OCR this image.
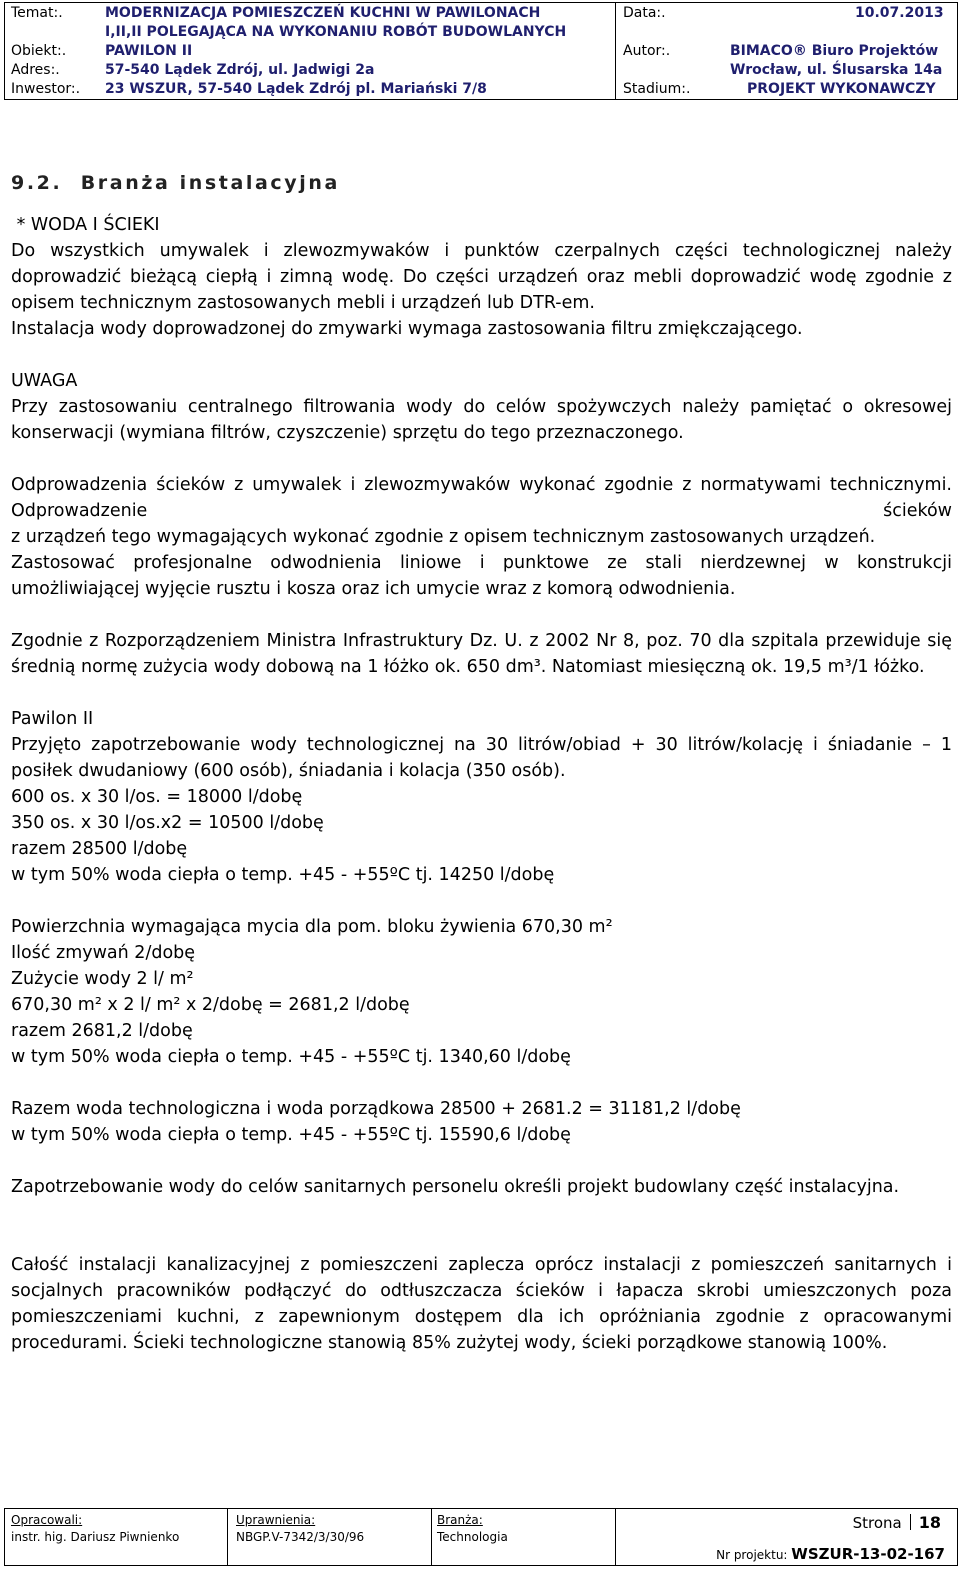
Temat:.	MODERNIZACJA POMIESZCZEŃ KUCHNI W PAWILONACH	Data:.	10.07.2013
I,II,II POLEGAJĄCA NA WYKONANIU ROBÓT BUDOWLANYCH
Obiekt:.	PAWILON II	Autor:.	BIMACO® Biuro Projektów
Adres:.	57-540 Lądek Zdrój, ul. Jadwigi 2a	Wrocław, ul. Ślusarska 14a
Inwestor:. 23 WSZUR, 57-540 Lądek Zdrój pl. Mariański 7/8	Stadium:.	PROJEKT WYKONAWCZY

9.2. Branża instalacyjna

* WODA I ŚCIEKI

Do wszystkich umywalek i zlewozmywaków i punktów czerpalnych części technologicznej należy doprowadzić bieżącą ciepłą i zimną wodę. Do części urządzeń oraz mebli doprowadzić wodę zgodnie z opisem technicznym zastosowanych mebli i urządzeń lub DTR-em.

Instalacja wody doprowadzonej do zmywarki wymaga zastosowania filtru zmiękczającego.

UWAGA

Przy zastosowaniu centralnego filtrowania wody do celów spożywczych należy pamiętać o okresowej konserwacji (wymiana filtrów, czyszczenie) sprzętu do tego przeznaczonego.

Odprowadzenia ścieków z umywalek i zlewozmywaków wykonać zgodnie z normatywami technicznymi. Odprowadzenie ścieków

z urządzeń tego wymagających wykonać zgodnie z opisem technicznym zastosowanych urządzeń.

Zastosować profesjonalne odwodnienia liniowe i punktowe ze stali nierdzewnej w konstrukcji umożliwiającej wyjęcie rusztu i kosza oraz ich umycie wraz z komorą odwodnienia.

Zgodnie z Rozporządzeniem Ministra Infrastruktury Dz. U. z 2002 Nr 8, poz. 70 dla szpitala przewiduje się średnią normę zużycia wody dobową na 1 łóżko ok. 650 dm³. Natomiast miesięczną ok. 19,5 m³/1 łóżko.

Pawilon II

Przyjęto zapotrzebowanie wody technologicznej na 30 litrów/obiad + 30 litrów/kolację i śniadanie – 1 posiłek dwudaniowy (600 osób), śniadania i kolacja (350 osób).

600 os. x 30 l/os. = 18000 l/dobę

350 os. x 30 l/os.x2 = 10500 l/dobę

razem 28500 l/dobę

w tym 50% woda ciepła o temp. +45 - +55ºC tj. 14250 l/dobę

Powierzchnia wymagająca mycia dla pom. bloku żywienia 670,30 m²

Ilość zmywań 2/dobę

Zużycie wody 2 l/ m²

670,30 m² x 2 l/ m² x 2/dobę = 2681,2 l/dobę

razem 2681,2 l/dobę

w tym 50% woda ciepła o temp. +45 - +55ºC tj. 1340,60 l/dobę

Razem woda technologiczna i woda porządkowa 28500 + 2681.2 = 31181,2 l/dobę

w tym 50% woda ciepła o temp. +45 - +55ºC tj. 15590,6 l/dobę

Zapotrzebowanie wody do celów sanitarnych personelu określi projekt budowlany część instalacyjna.

Całość instalacji kanalizacyjnej z pomieszczeni zaplecza oprócz instalacji z pomieszczeń sanitarnych i socjalnych pracowników podłączyć do odtłuszczacza ścieków i łapacza skrobi umieszczonych poza pomieszczeniami kuchni, z zapewnionym dostępem dla ich opróżniania zgodnie z opracowanymi procedurami. Ścieki technologiczne stanowią 85% zużytej wody, ścieki porządkowe stanowią 100%.

Opracowali:
instr. hig. Dariusz Piwnienko
Uprawnienia:
NBGP.V-7342/3/30/96
Branża:
Technologia
Strona 18
Nr projektu: WSZUR-13-02-167
